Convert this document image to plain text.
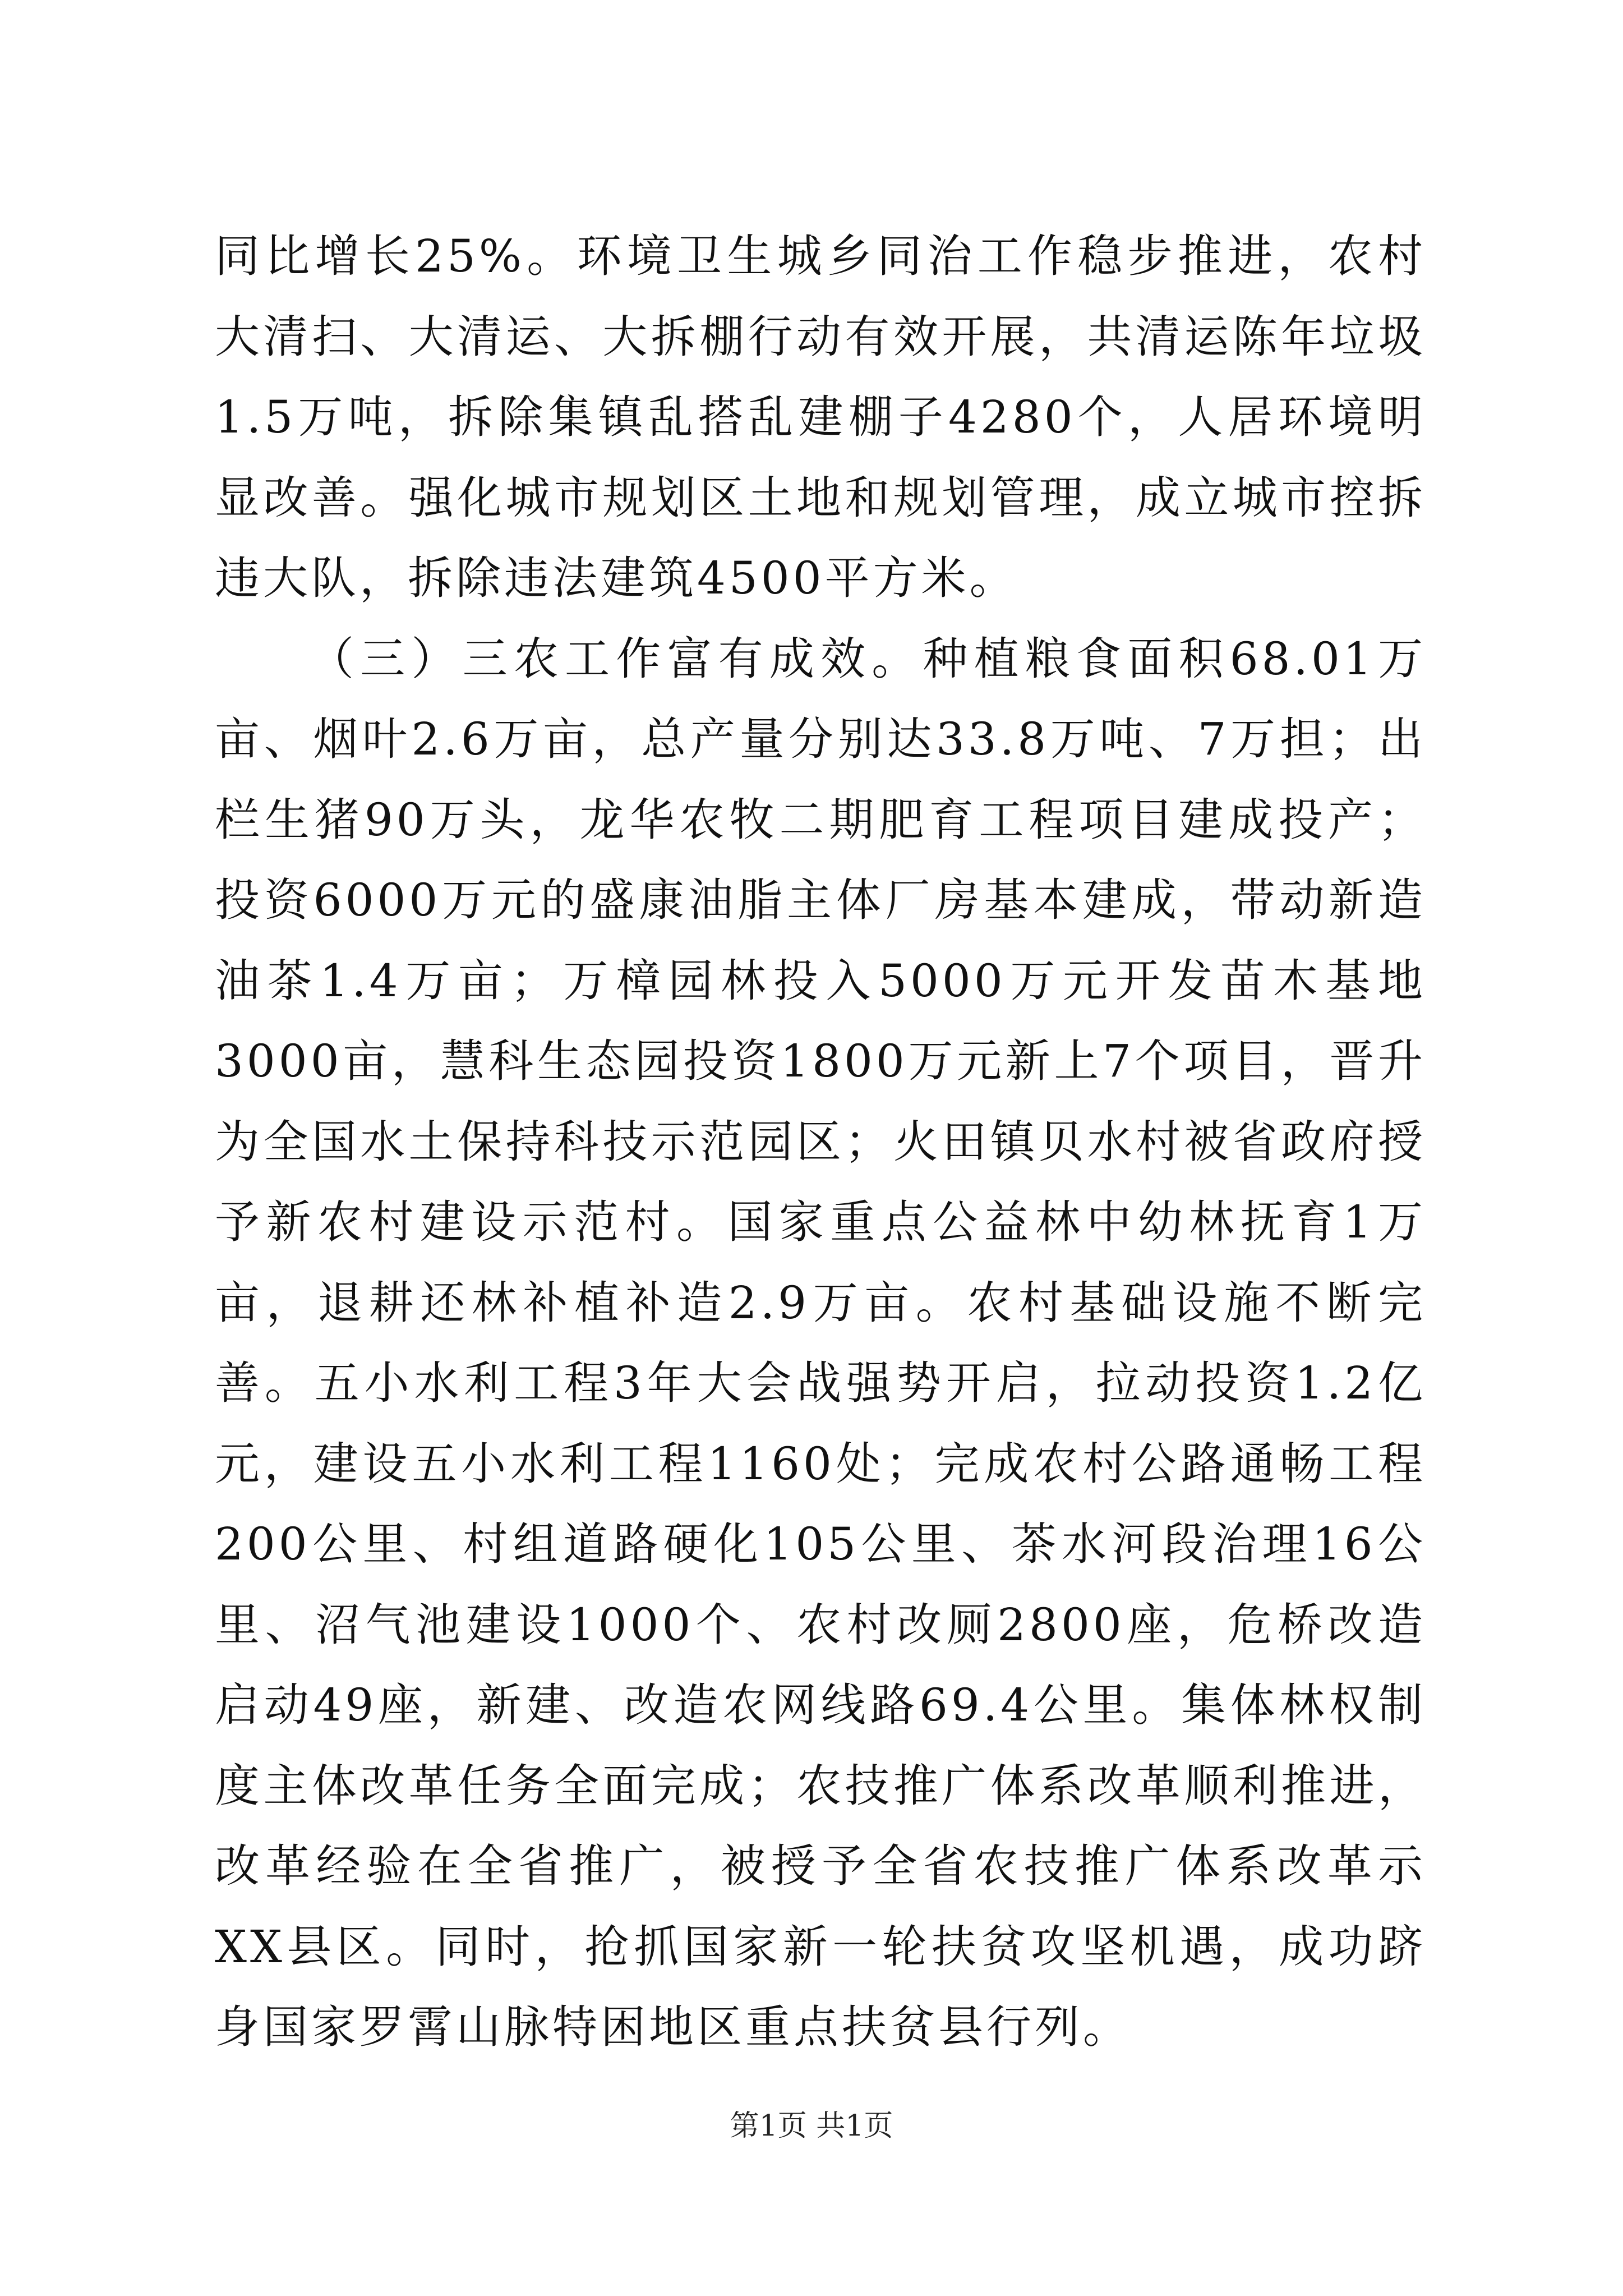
同比增长25%。环境卫生城乡同治工作稳步推进，农村大清扫、大清运、大拆棚行动有效开展，共清运陈年垃圾1.5万吨，拆除集镇乱搭乱建棚子4280个，人居环境明显改善。强化城市规划区土地和规划管理，成立城市控拆违大队，拆除违法建筑4500平方米。

（三）三农工作富有成效。种植粮食面积68.01万亩、烟叶2.6万亩，总产量分别达33.8万吨、7万担；出栏生猪90万头，龙华农牧二期肥育工程项目建成投产；投资6000万元的盛康油脂主体厂房基本建成，带动新造油茶1.4万亩；万樟园林投入5000万元开发苗木基地3000亩，慧科生态园投资1800万元新上7个项目，晋升为全国水土保持科技示范园区；火田镇贝水村被省政府授予新农村建设示范村。国家重点公益林中幼林抚育1万亩，退耕还林补植补造2.9万亩。农村基础设施不断完善。五小水利工程3年大会战强势开启，拉动投资1.2亿元，建设五小水利工程1160处；完成农村公路通畅工程200公里、村组道路硬化105公里、茶水河段治理16公里、沼气池建设1000个、农村改厕2800座，危桥改造启动49座，新建、改造农网线路69.4公里。集体林权制度主体改革任务全面完成；农技推广体系改革顺利推进，改革经验在全省推广，被授予全省农技推广体系改革示XX县区。同时，抢抓国家新一轮扶贫攻坚机遇，成功跻身国家罗霄山脉特困地区重点扶贫县行列。

第1页 共1页
